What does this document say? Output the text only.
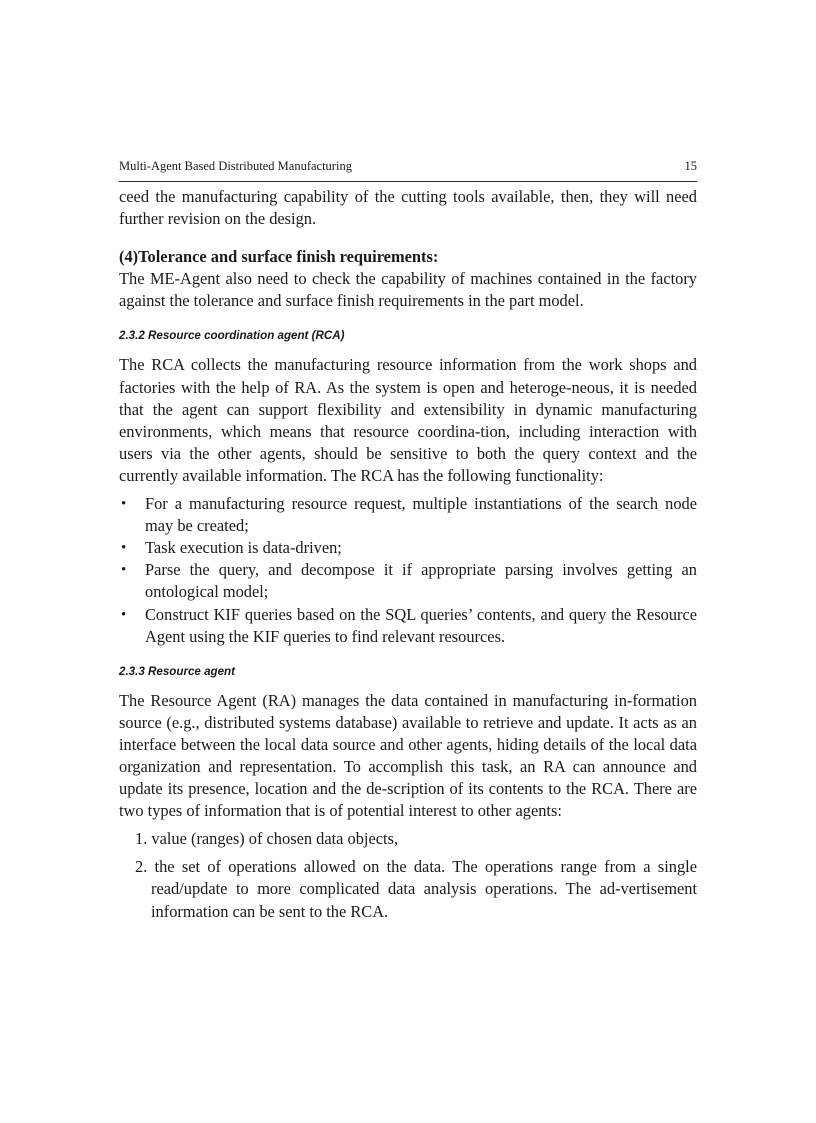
Multi-Agent Based Distributed Manufacturing	15

ceed the manufacturing capability of the cutting tools available, then, they will need further revision on the design.

(4)Tolerance and surface finish requirements:

The ME-Agent also need to check the capability of machines contained in the factory against the tolerance and surface finish requirements in the part model.

2.3.2 Resource coordination agent (RCA)

The RCA collects the manufacturing resource information from the work shops and factories with the help of RA. As the system is open and heteroge-neous, it is needed that the agent can support flexibility and extensibility in dynamic manufacturing environments, which means that resource coordina-tion, including interaction with users via the other agents, should be sensitive to both the query context and the currently available information. The RCA has the following functionality:

• For a manufacturing resource request, multiple instantiations of the search node may be created;
• Task execution is data-driven;
• Parse the query, and decompose it if appropriate parsing involves getting an ontological model;
• Construct KIF queries based on the SQL queries’ contents, and query the Resource Agent using the KIF queries to find relevant resources.
2.3.3 Resource agent

The Resource Agent (RA) manages the data contained in manufacturing in-formation source (e.g., distributed systems database) available to retrieve and update. It acts as an interface between the local data source and other agents, hiding details of the local data organization and representation. To accomplish this task, an RA can announce and update its presence, location and the de-scription of its contents to the RCA. There are two types of information that is of potential interest to other agents:

1. value (ranges) of chosen data objects,
2. the set of operations allowed on the data. The operations range from a single read/update to more complicated data analysis operations. The ad-vertisement information can be sent to the RCA.
